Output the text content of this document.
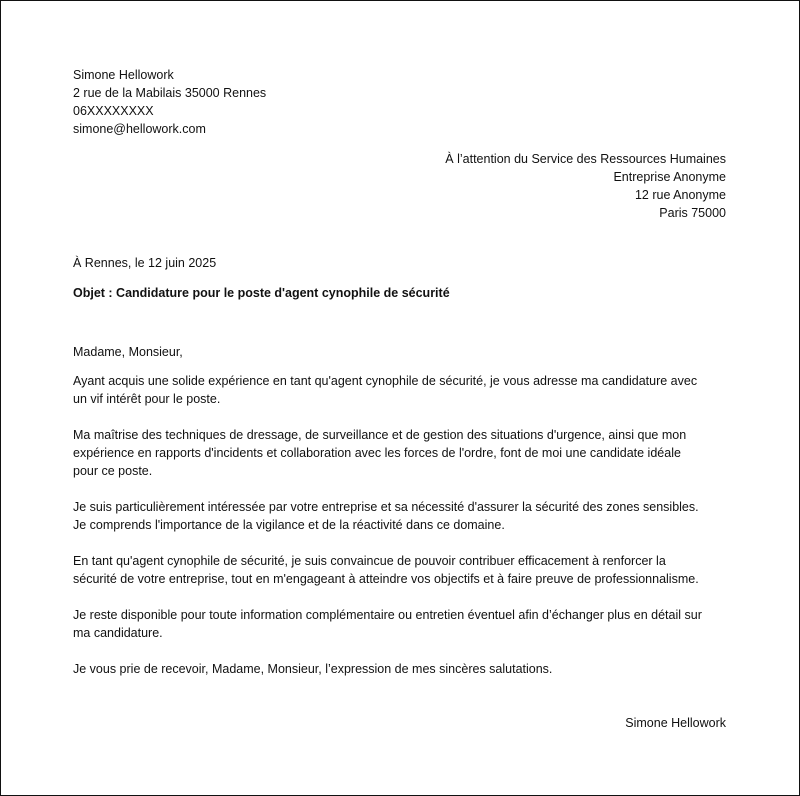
Simone Hellowork
2 rue de la Mabilais 35000 Rennes
06XXXXXXXX
simone@hellowork.com
À l’attention du Service des Ressources Humaines
Entreprise Anonyme
12 rue Anonyme
Paris 75000
À Rennes, le 12 juin 2025
Objet : Candidature pour le poste d'agent cynophile de sécurité
Madame, Monsieur,
Ayant acquis une solide expérience en tant qu'agent cynophile de sécurité, je vous adresse ma candidature avec
un vif intérêt pour le poste.
Ma maîtrise des techniques de dressage, de surveillance et de gestion des situations d'urgence, ainsi que mon
expérience en rapports d'incidents et collaboration avec les forces de l'ordre, font de moi une candidate idéale
pour ce poste.
Je suis particulièrement intéressée par votre entreprise et sa nécessité d'assurer la sécurité des zones sensibles.
Je comprends l'importance de la vigilance et de la réactivité dans ce domaine.
En tant qu'agent cynophile de sécurité, je suis convaincue de pouvoir contribuer efficacement à renforcer la
sécurité de votre entreprise, tout en m'engageant à atteindre vos objectifs et à faire preuve de professionnalisme.
Je reste disponible pour toute information complémentaire ou entretien éventuel afin d’échanger plus en détail sur
ma candidature.
Je vous prie de recevoir, Madame, Monsieur, l’expression de mes sincères salutations.
Simone Hellowork
